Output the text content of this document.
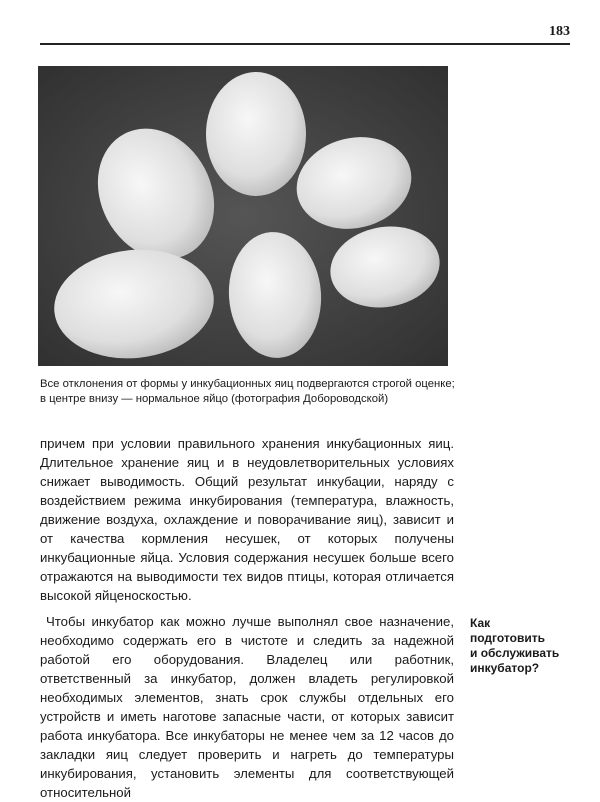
183
Все отклонения от формы у инкубационных яиц подвергаются строгой оценке; в центре внизу — нормальное яйцо (фотография Добороводской)

причем при условии правильного хранения инкубационных яиц. Длительное хранение яиц и в неудовлетворительных условиях снижает выводимость. Общий результат инкубации, наряду с воздействием режима инкубирования (температура, влажность, движение воздуха, охлаждение и поворачивание яиц), зависит и от качества кормления несушек, от которых получены инкубационные яйца. Условия содержания несушек больше всего отражаются на выводимости тех видов птицы, которая отличается высокой яйценоскостью.

Чтобы инкубатор как можно лучше выполнял свое назначение, необходимо содержать его в чистоте и следить за надежной работой его оборудования. Владелец или работник, ответственный за инкубатор, должен владеть регулировкой необходимых элементов, знать срок службы отдельных его устройств и иметь наготове запасные части, от которых зависит работа инкубатора. Все инкубаторы не менее чем за 12 часов до закладки яиц следует проверить и нагреть до температуры инкубирования, установить элементы для соответствующей относительной

Как
подготовить
и обслуживать
инкубатор?
